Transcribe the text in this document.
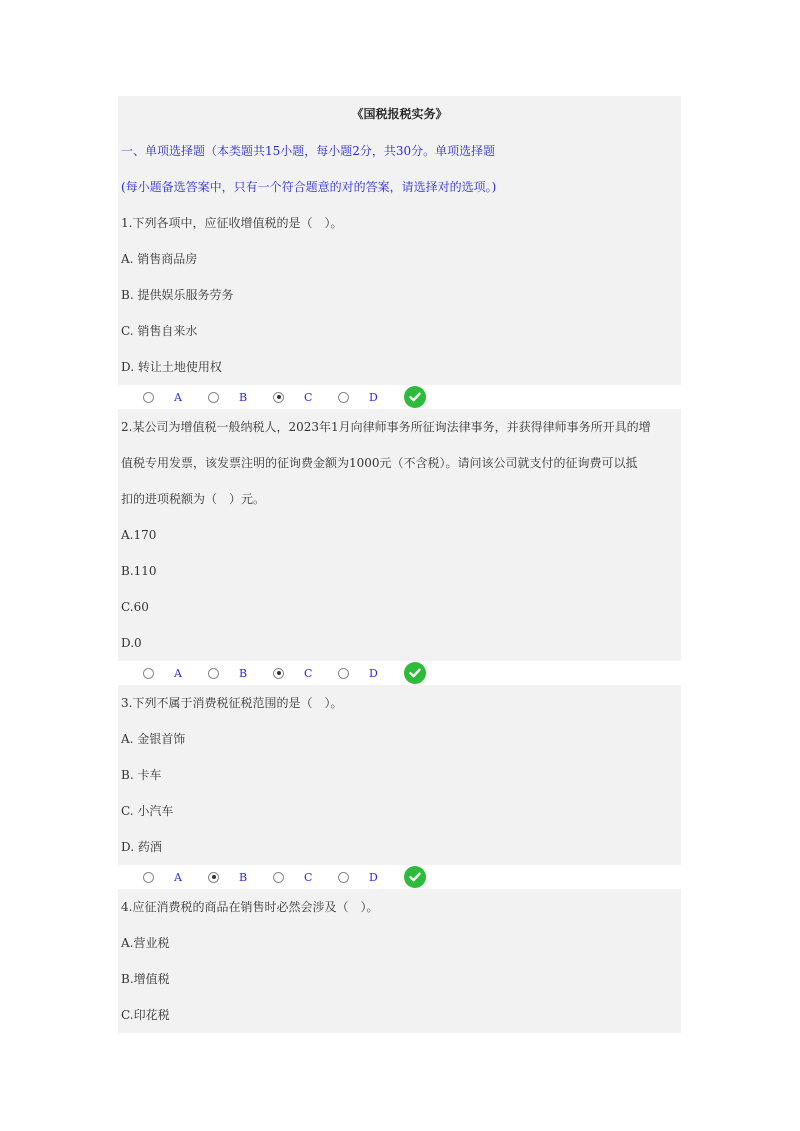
《国税报税实务》
一、单项选择题（本类题共15小题，每小题2分，共30分。单项选择题
(每小题备选答案中，只有一个符合题意的对的答案，请选择对的选项。)
1.下列各项中，应征收增值税的是（　）。
A. 销售商品房
B. 提供娱乐服务劳务
C. 销售自来水
D. 转让土地使用权
A	B	C	D
2.某公司为增值税一般纳税人，2023年1月向律师事务所征询法律事务，并获得律师事务所开具的增
值税专用发票，该发票注明的征询费金额为1000元（不含税）。请问该公司就支付的征询费可以抵
扣的进项税额为（　）元。
A.170
B.110
C.60
D.0
A	B	C	D
3.下列不属于消费税征税范围的是（　）。
A. 金银首饰
B. 卡车
C. 小汽车
D. 药酒
A	B	C	D
4.应征消费税的商品在销售时必然会涉及（　）。
A.营业税
B.增值税
C.印花税
